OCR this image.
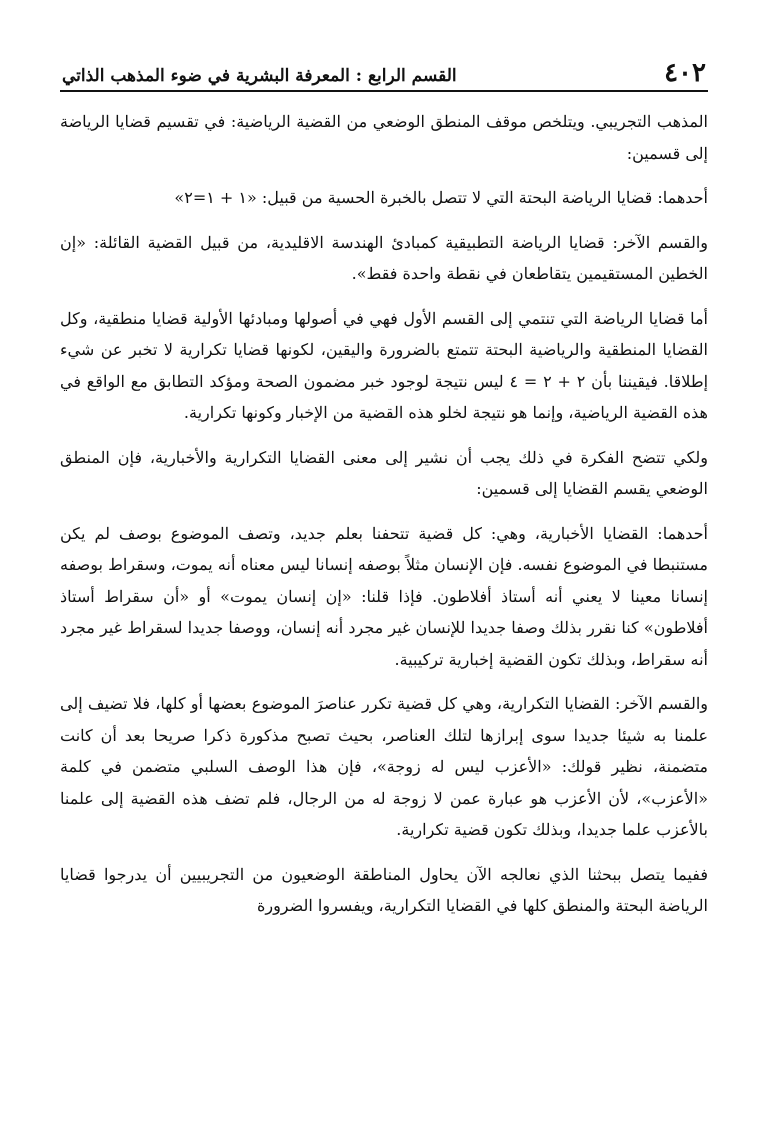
٤٠٢
القسم الرابع : المعرفة البشرية في ضوء المذهب الذاتي

المذهب التجريبي. ويتلخص موقف المنطق الوضعي من القضية الرياضية: في تقسيم قضايا الرياضة إلى قسمين:

أحدهما: قضايا الرياضة البحتة التي لا تتصل بالخبرة الحسية من قبيل: «١ + ١=٢»

والقسم الآخر: قضايا الرياضة التطبيقية كمبادئ الهندسة الاقليدية، من قبيل القضية القائلة: «إن الخطين المستقيمين يتقاطعان في نقطة واحدة فقط».

أما قضايا الرياضة التي تنتمي إلى القسم الأول فهي في أصولها ومبادئها الأولية قضايا منطقية، وكل القضايا المنطقية والرياضية البحتة تتمتع بالضرورة واليقين، لكونها قضايا تكرارية لا تخبر عن شيء إطلاقا. فيقيننا بأن ٢ + ٢ = ٤ ليس نتيجة لوجود خبر مضمون الصحة ومؤكد التطابق مع الواقع في هذه القضية الرياضية، وإنما هو نتيجة لخلو هذه القضية من الإخبار وكونها تكرارية.

ولكي تتضح الفكرة في ذلك يجب أن نشير إلى معنى القضايا التكرارية والأخبارية، فإن المنطق الوضعي يقسم القضايا إلى قسمين:

أحدهما: القضايا الأخبارية، وهي: كل قضية تتحفنا بعلم جديد، وتصف الموضوع بوصف لم يكن مستنبطا في الموضوع نفسه. فإن الإنسان مثلاً بوصفه إنسانا ليس معناه أنه يموت، وسقراط بوصفه إنسانا معينا لا يعني أنه أستاذ أفلاطون. فإذا قلنا: «إن إنسان يموت» أو «أن سقراط أستاذ أفلاطون» كنا نقرر بذلك وصفا جديدا للإنسان غير مجرد أنه إنسان، ووصفا جديدا لسقراط غير مجرد أنه سقراط، وبذلك تكون القضية إخبارية تركيبية.

والقسم الآخر: القضايا التكرارية، وهي كل قضية تكرر عناصرَ الموضوع بعضها أو كلها، فلا تضيف إلى علمنا به شيئا جديدا سوى إبرازها لتلك العناصر، بحيث تصبح مذكورة ذكرا صريحا بعد أن كانت متضمنة، نظير قولك: «الأعزب ليس له زوجة»، فإن هذا الوصف السلبي متضمن في كلمة «الأعزب»، لأن الأعزب هو عبارة عمن لا زوجة له من الرجال، فلم تضف هذه القضية إلى علمنا بالأعزب علما جديدا، وبذلك تكون قضية تكرارية.

ففيما يتصل ببحثنا الذي نعالجه الآن يحاول المناطقة الوضعيون من التجريبيين أن يدرجوا قضايا الرياضة البحتة والمنطق كلها في القضايا التكرارية، ويفسروا الضرورة
